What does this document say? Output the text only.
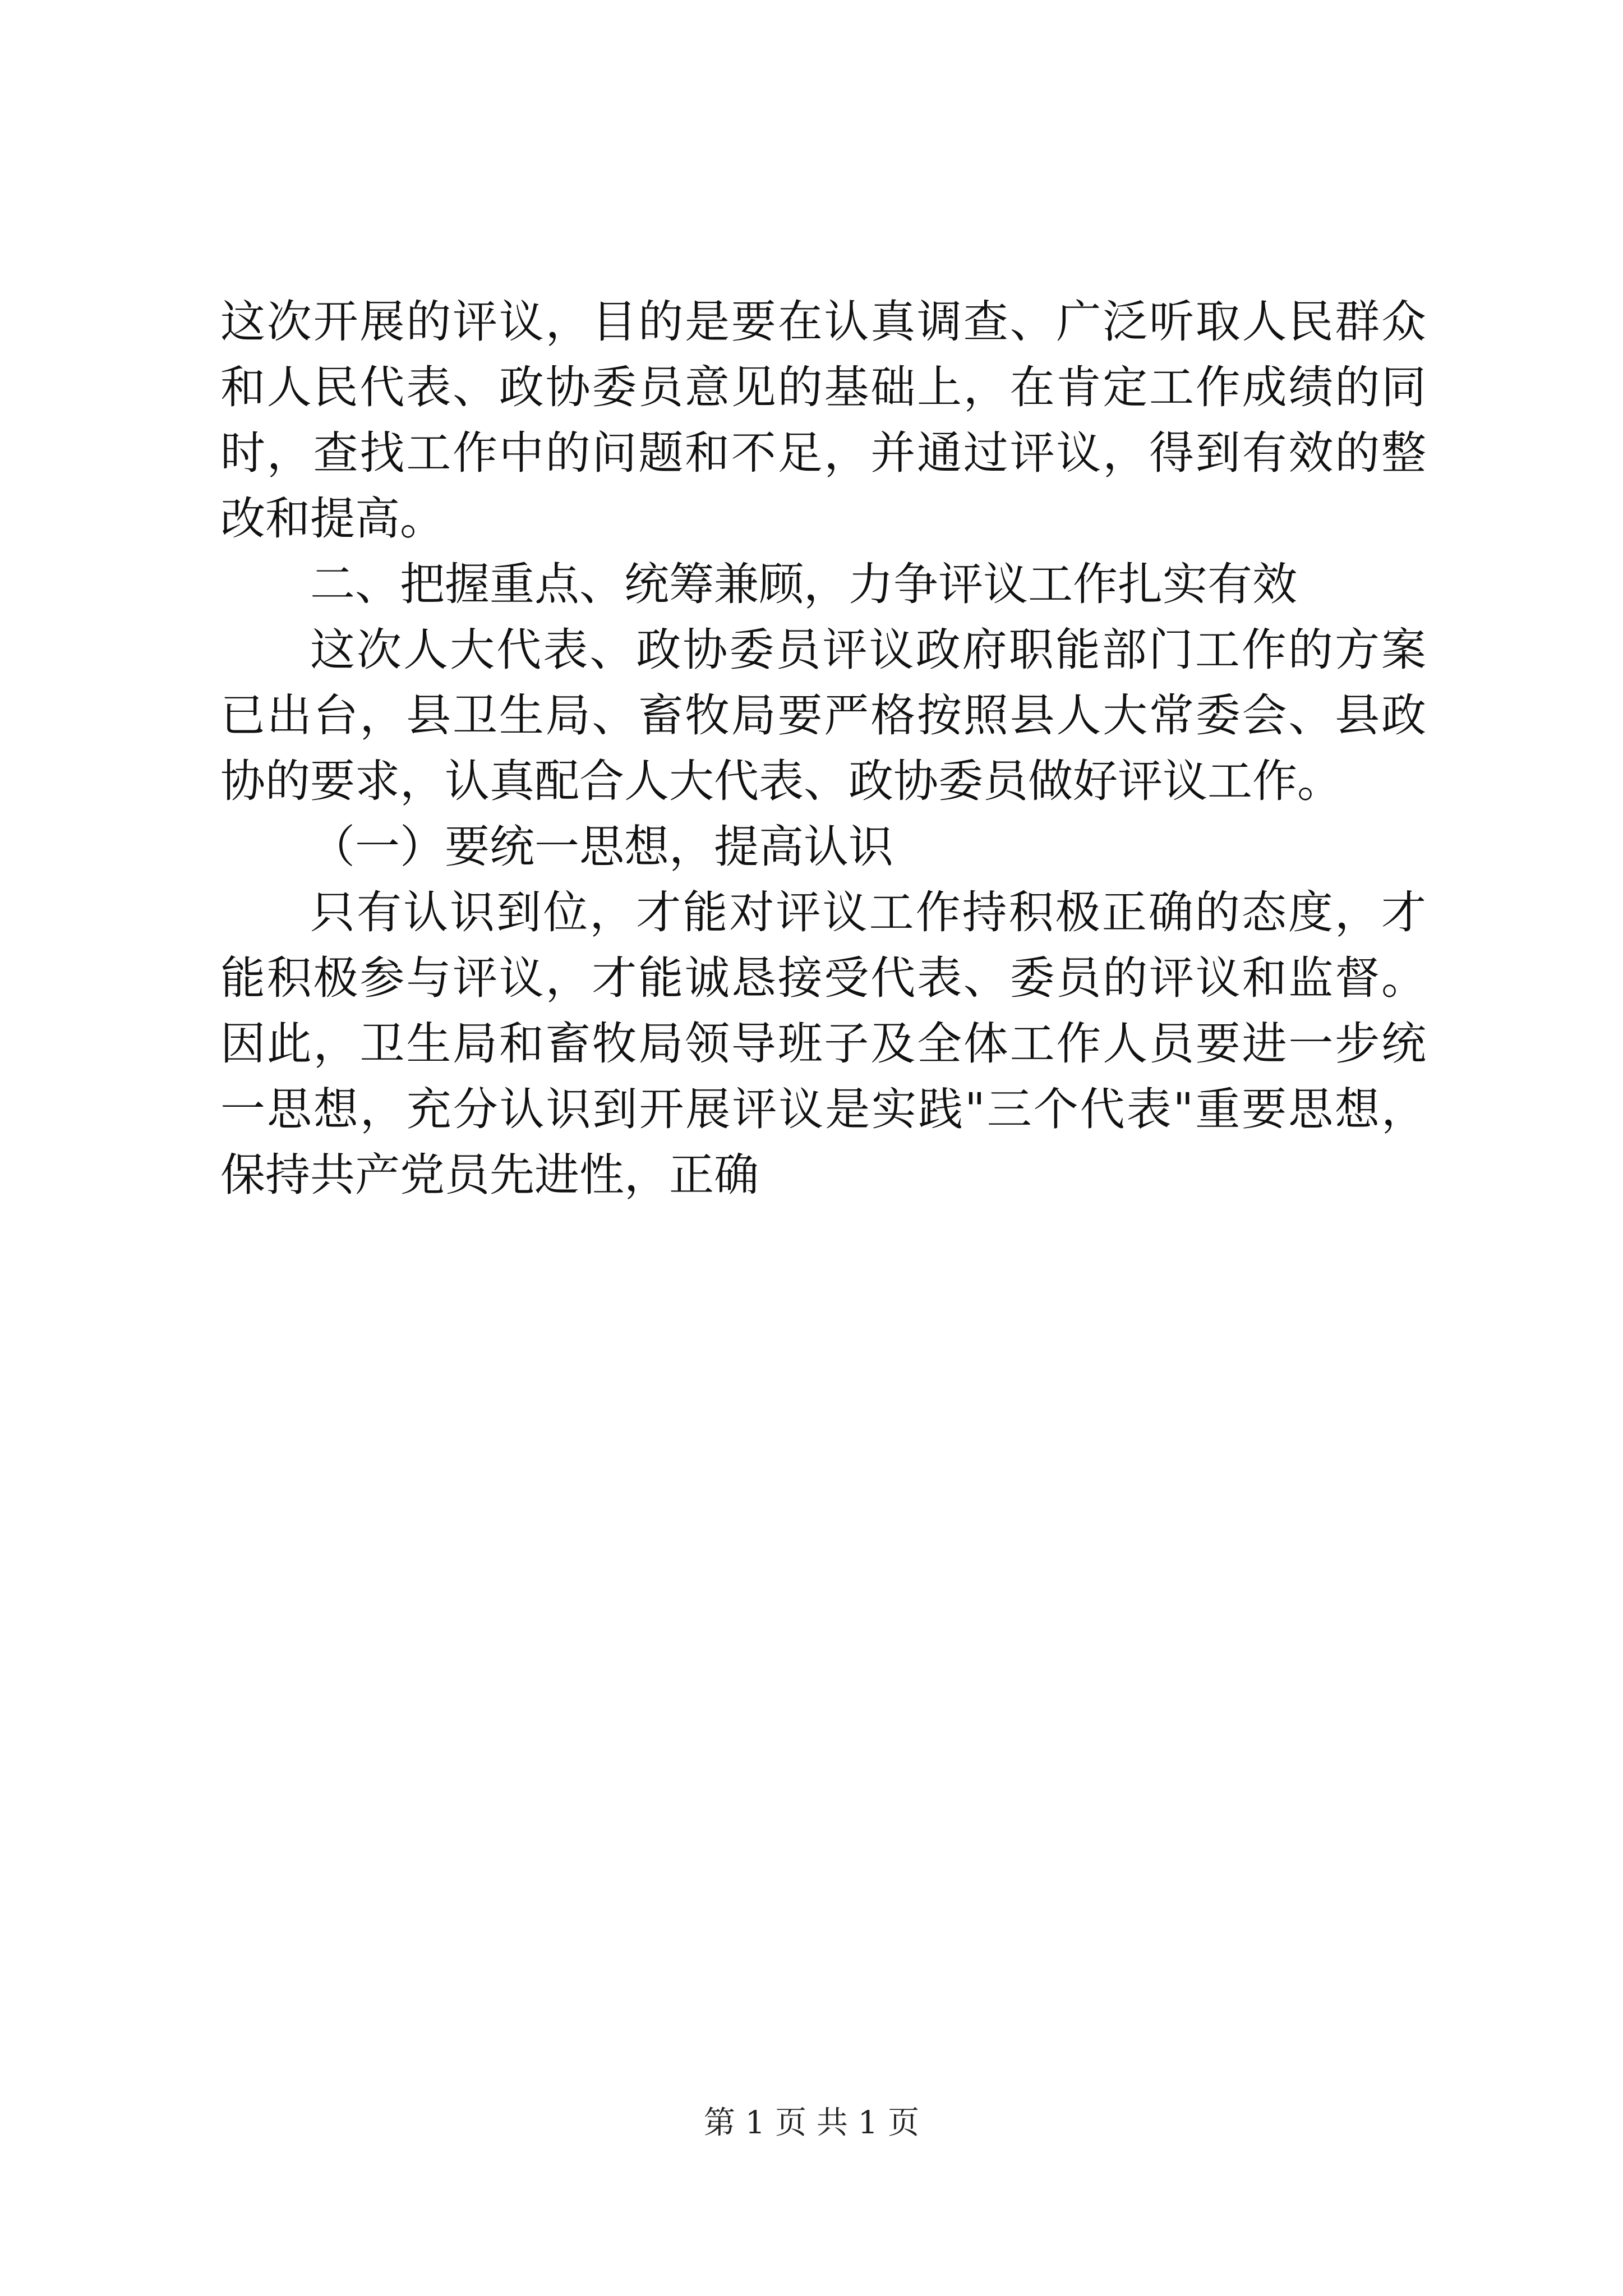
这次开展的评议，目的是要在认真调查、广泛听取人民群众和人民代表、政协委员意见的基础上，在肯定工作成绩的同时，查找工作中的问题和不足，并通过评议，得到有效的整改和提高。

二、把握重点、统筹兼顾，力争评议工作扎实有效

这次人大代表、政协委员评议政府职能部门工作的方案已出台，县卫生局、畜牧局要严格按照县人大常委会、县政协的要求，认真配合人大代表、政协委员做好评议工作。

（一）要统一思想，提高认识

只有认识到位，才能对评议工作持积极正确的态度，才能积极参与评议，才能诚恳接受代表、委员的评议和监督。因此，卫生局和畜牧局领导班子及全体工作人员要进一步统一思想，充分认识到开展评议是实践"三个代表"重要思想，保持共产党员先进性，正确

第 1 页 共 1 页
